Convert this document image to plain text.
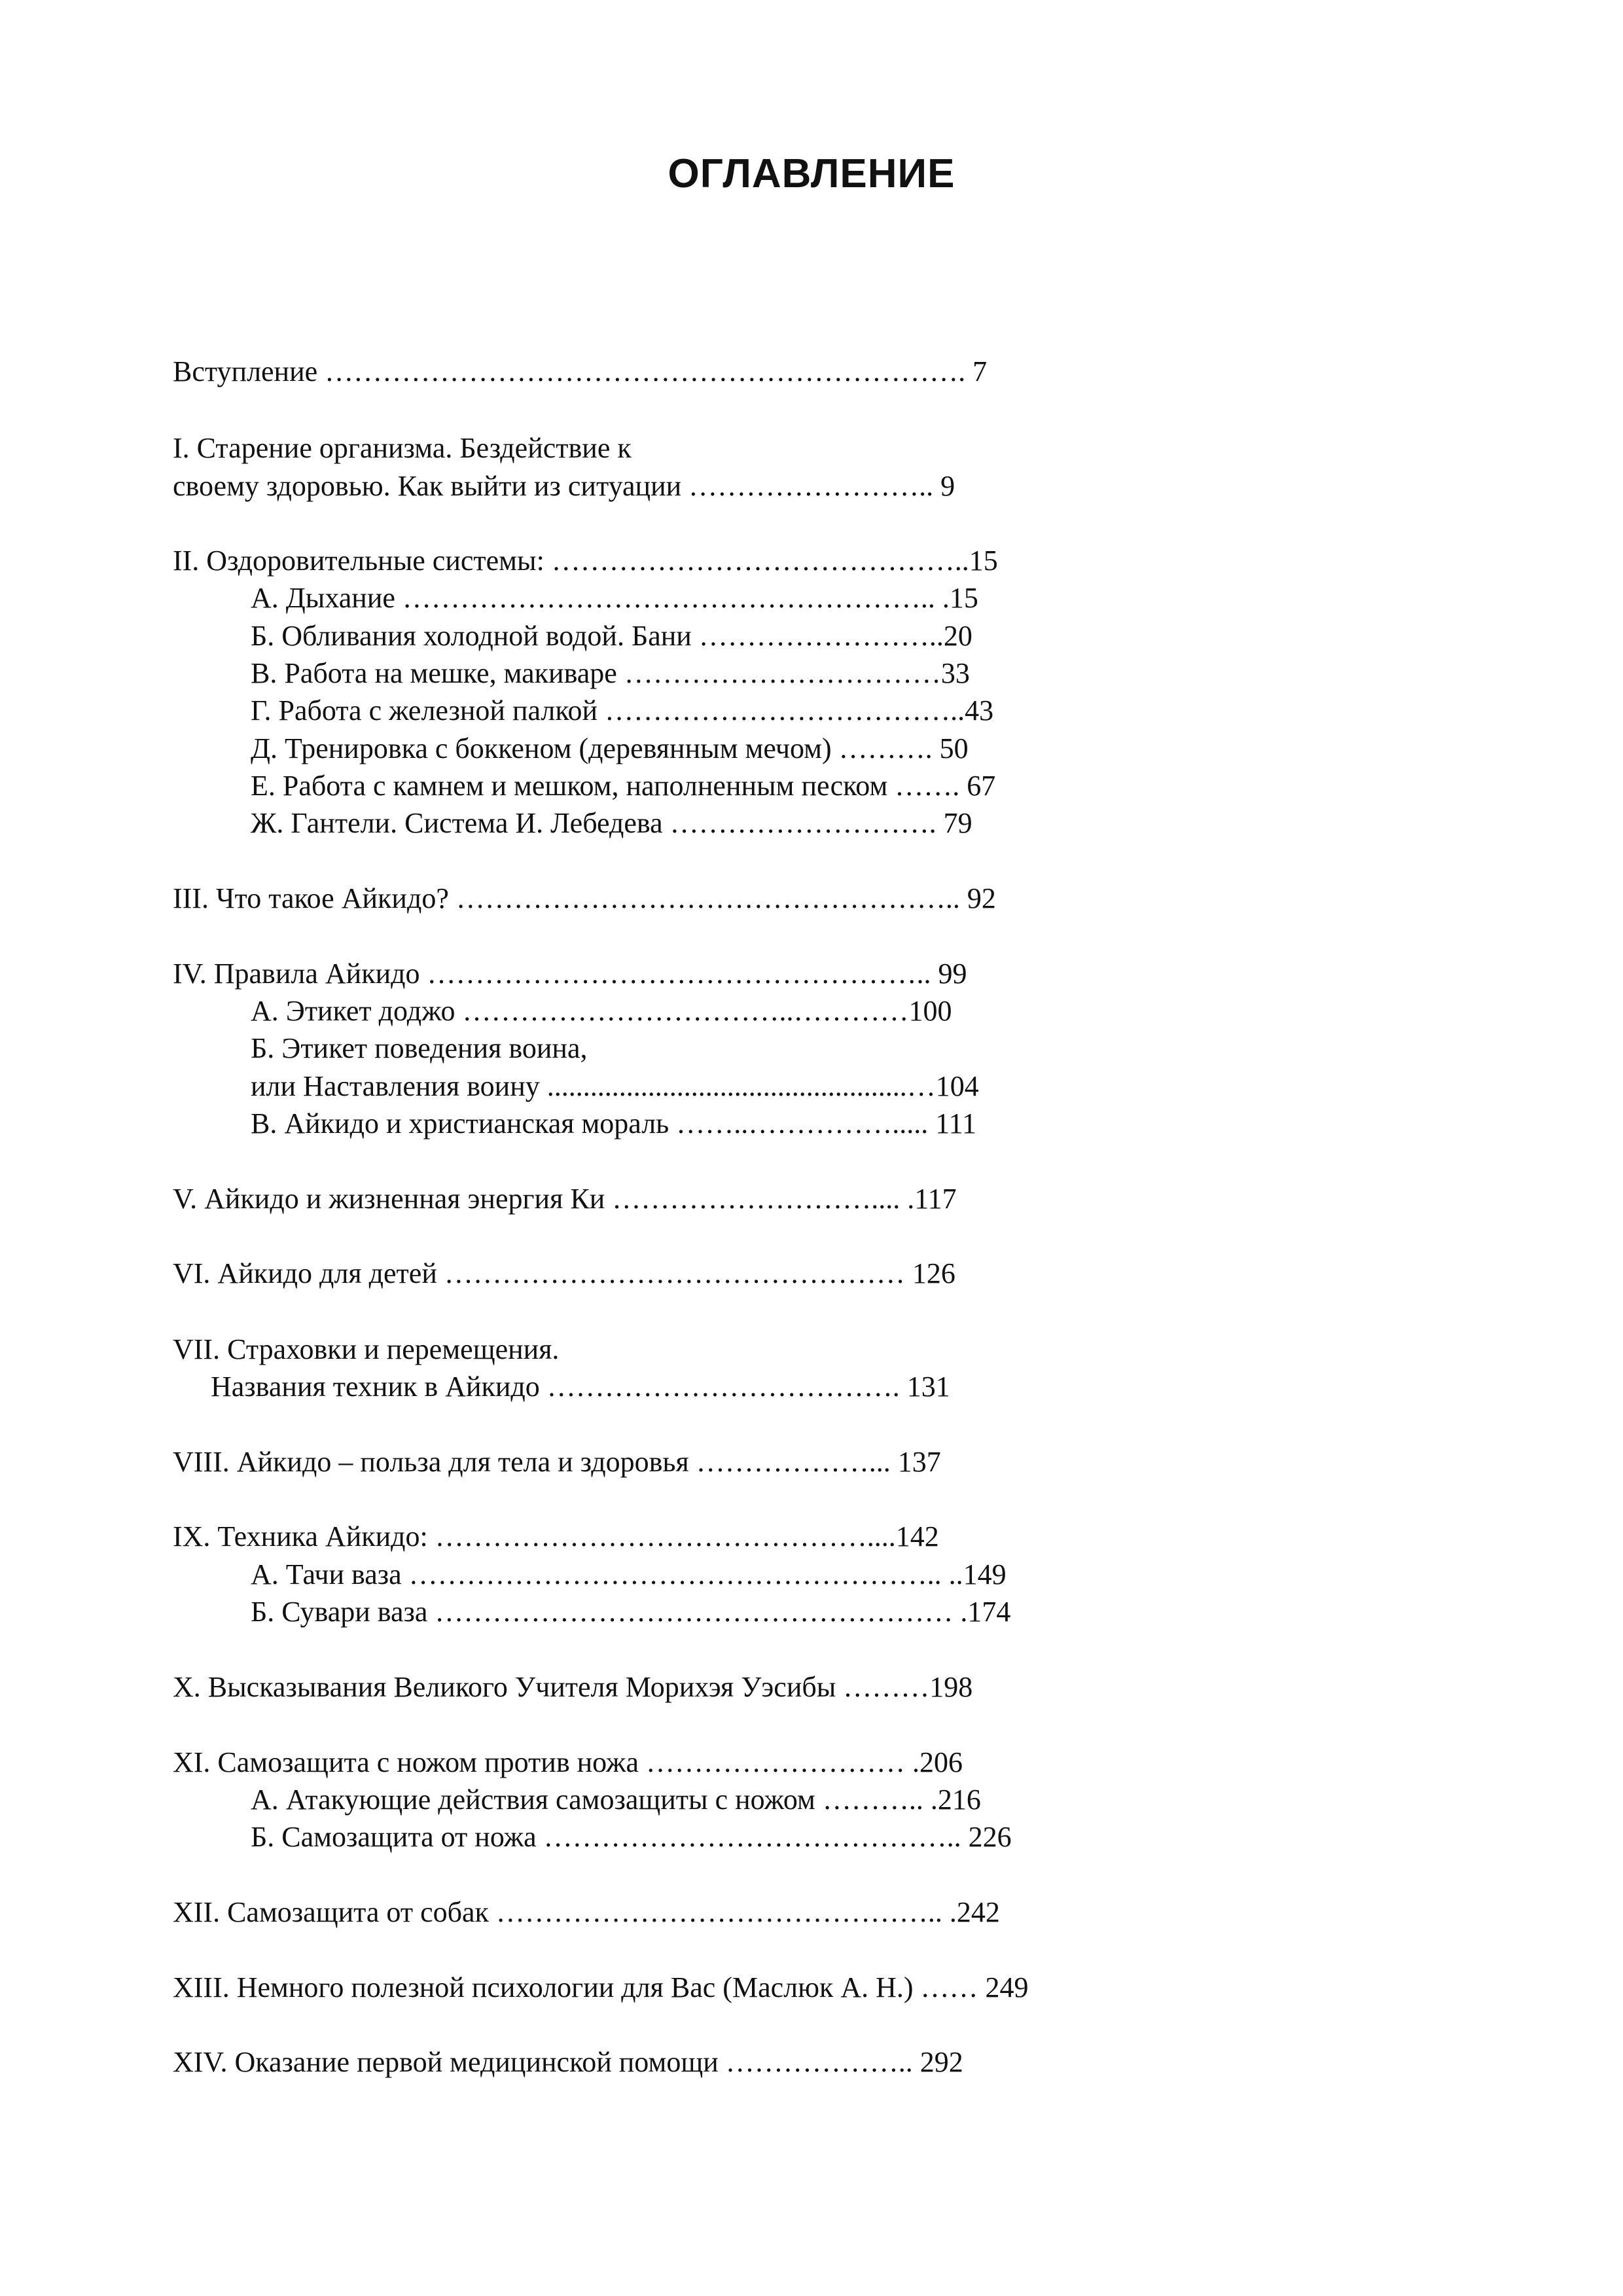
ОГЛАВЛЕНИЕ
Вступление …………………………………………………………. 7
I. Старение организма. Бездействие к
своему здоровью. Как выйти из ситуации …………………….. 9
II. Оздоровительные системы: ……………………………………..15
А. Дыхание ……………………………………………….. .15
Б. Обливания холодной водой. Бани ……………………..20
В. Работа на мешке, макиваре ……………………………33
Г. Работа с железной палкой ………………………………..43
Д. Тренировка с боккеном (деревянным мечом) ………. 50
Е. Работа с камнем и мешком, наполненным песком ……. 67
Ж. Гантели. Система И. Лебедева ………………………. 79
III. Что такое Айкидо? …………………………………………….. 92
IV. Правила Айкидо …………………………………………….. 99
А. Этикет доджо ……………………………..…………100
Б. Этикет поведения воина,
или Наставления воину ..................................................…104
В. Айкидо и христианская мораль ……..……………..... 111
V. Айкидо и жизненная энергия Ки ……………………….... .117
VI. Айкидо для детей ………………………………………… 126
VII. Страховки и перемещения.
Названия техник в Айкидо ………………………………. 131
VIII. Айкидо – польза для тела и здоровья ………………... 137
IX. Техника Айкидо: ………………………………………....142
А. Тачи ваза ……………………………………………….. ..149
Б. Сувари ваза ……………………………………………… .174
X. Высказывания Великого Учителя Морихэя Уэсибы ………198
XI. Самозащита с ножом против ножа ……………………… .206
А. Атакующие действия самозащиты с ножом ……….. .216
Б. Самозащита от ножа …………………………………….. 226
XII. Самозащита от собак ……………………………………….. .242
XIII. Немного полезной психологии для Вас (Маслюк А. Н.) …… 249
XIV. Оказание первой медицинской помощи ……………….. 292
